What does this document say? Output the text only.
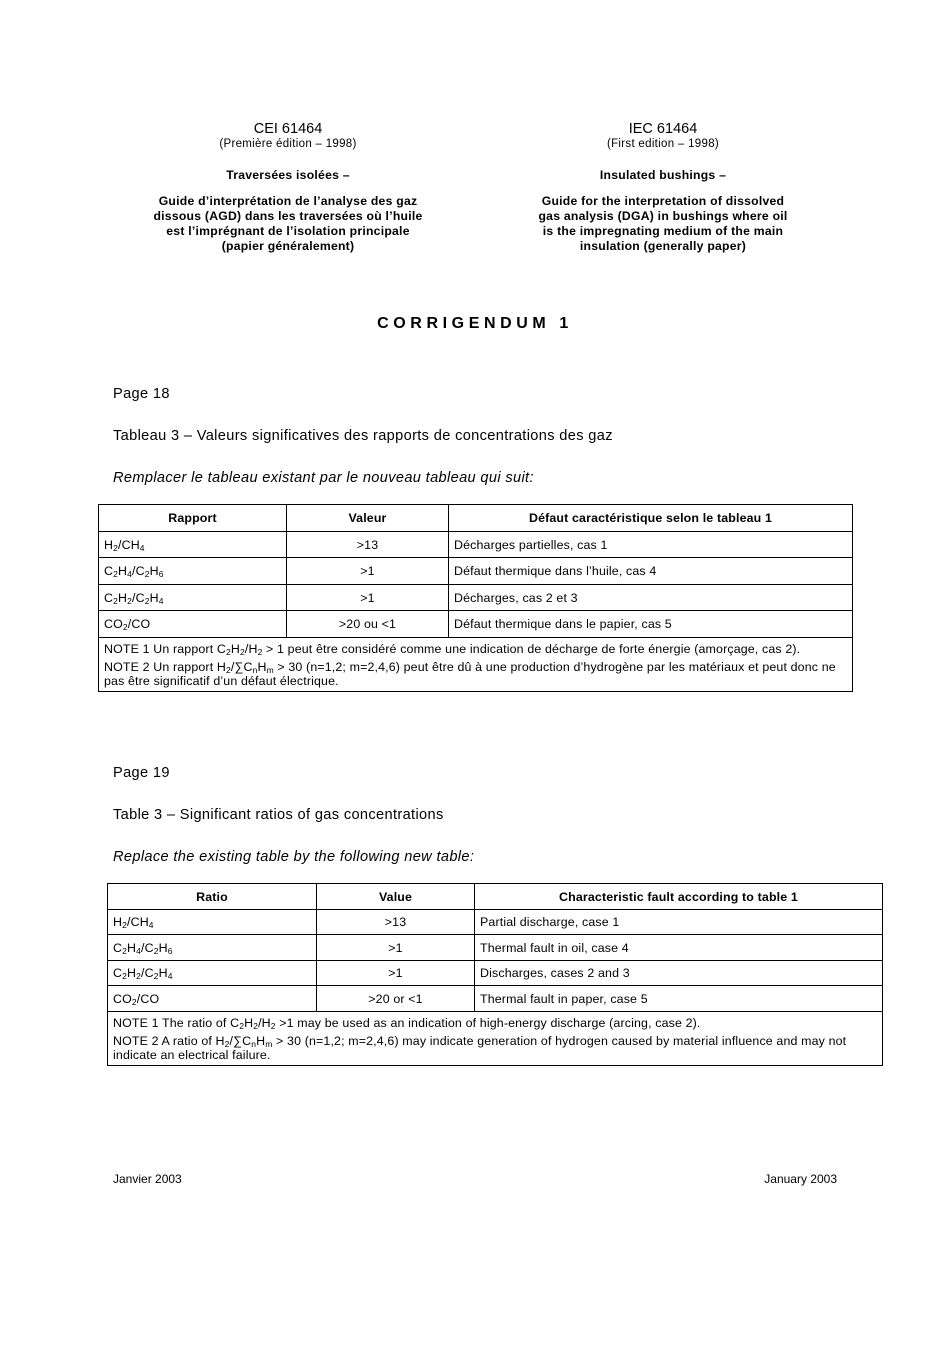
CEI 61464
(Première édition – 1998)
Traversées isolées –
Guide d’interprétation de l’analyse des gaz
dissous (AGD) dans les traversées où l’huile
est l’imprégnant de l’isolation principale
(papier généralement)
IEC 61464
(First edition – 1998)
Insulated bushings –
Guide for the interpretation of dissolved
gas analysis (DGA) in bushings where oil
is the impregnating medium of the main
insulation (generally paper)
CORRIGENDUM 1
Page 18
Tableau 3 – Valeurs significatives des rapports de concentrations des gaz
Remplacer le tableau existant par le nouveau tableau qui suit:
Rapport	Valeur	Défaut caractéristique selon le tableau 1
$H_2/CH_4$	>13	Décharges partielles, cas 1
$C_2H_4/C_2H_6$	>1	Défaut thermique dans l’huile, cas 4
$C_2H_2/C_2H_4$	>1	Décharges, cas 2 et 3
$CO_2/CO$	>20 ou <1	Défaut thermique dans le papier, cas 5

NOTE 1 Un rapport $C_2H_2/H_2 > 1$ peut être considéré comme une indication de décharge de forte énergie (amorçage, cas 2).
NOTE 2 Un rapport $H_2/\sum C_nH_m > 30$ (n=1,2; m=2,4,6) peut être dû à une production d’hydrogène par les matériaux et peut donc ne pas être significatif d’un défaut électrique.		
Page 19
Table 3 – Significant ratios of gas concentrations
Replace the existing table by the following new table:
Ratio	Value	Characteristic fault according to table 1
$H_2/CH_4$	>13	Partial discharge, case 1
$C_2H_4/C_2H_6$	>1	Thermal fault in oil, case 4
$C_2H_2/C_2H_4$	>1	Discharges, cases 2 and 3
$CO_2/CO$	>20 or <1	Thermal fault in paper, case 5

NOTE 1 The ratio of $C_2H_2/H_2 >1$ may be used as an indication of high-energy discharge (arcing, case 2).
NOTE 2 A ratio of $H_2/\sum C_nH_m > 30$ (n=1,2; m=2,4,6) may indicate generation of hydrogen caused by material influence and may not indicate an electrical failure.		
Janvier 2003	January 2003
